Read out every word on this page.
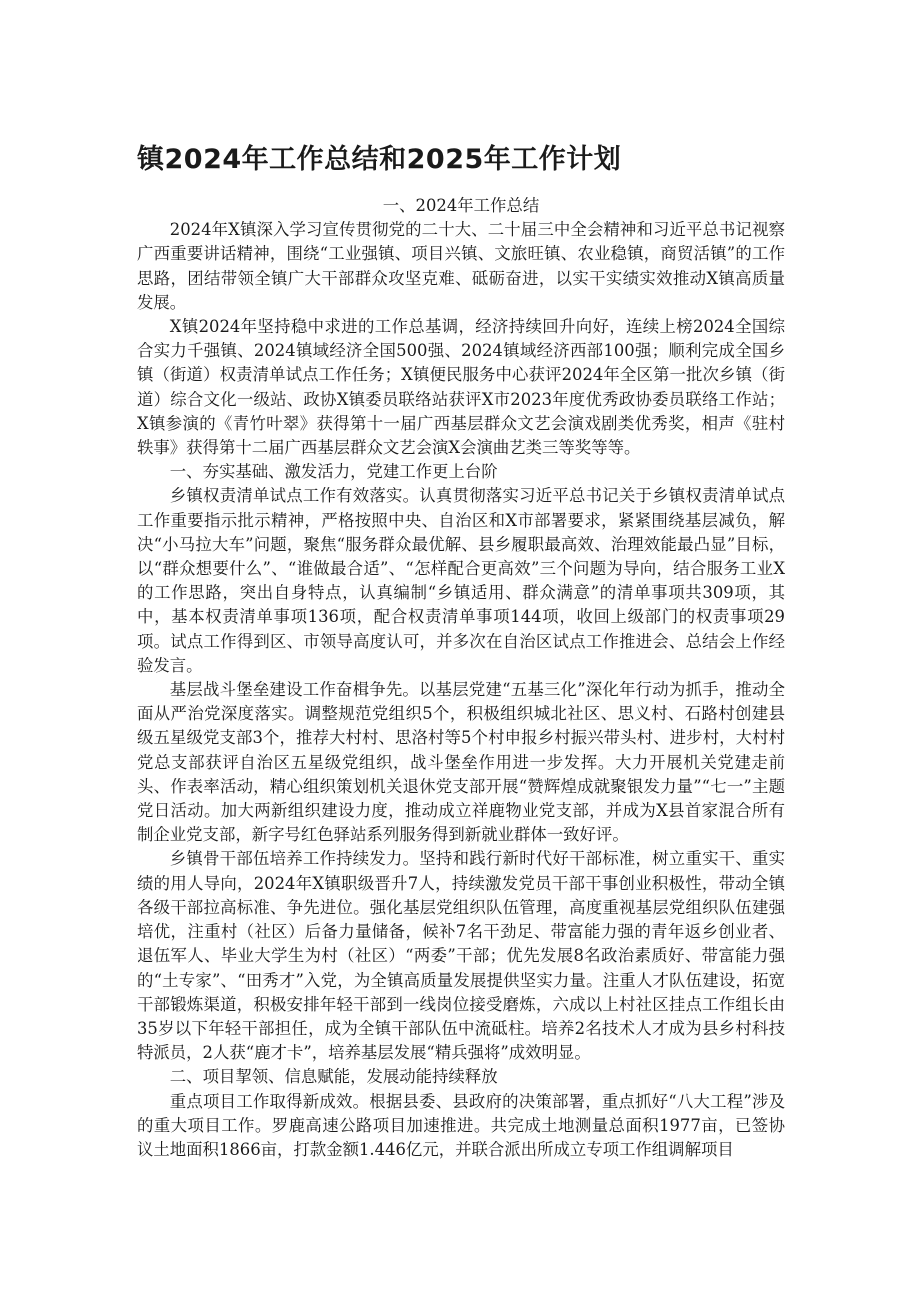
镇2024年工作总结和2025年工作计划
一、2024年工作总结

2024年X镇深入学习宣传贯彻党的二十大、二十届三中全会精神和习近平总书记视察广西重要讲话精神，围绕“工业强镇、项目兴镇、文旅旺镇、农业稳镇，商贸活镇”的工作思路，团结带领全镇广大干部群众攻坚克难、砥砺奋进，以实干实绩实效推动X镇高质量发展。

X镇2024年坚持稳中求进的工作总基调，经济持续回升向好，连续上榜2024全国综合实力千强镇、2024镇域经济全国500强、2024镇域经济西部100强；顺利完成全国乡镇（街道）权责清单试点工作任务；X镇便民服务中心获评2024年全区第一批次乡镇（街道）综合文化一级站、政协X镇委员联络站获评X市2023年度优秀政协委员联络工作站；X镇参演的《青竹叶翠》获得第十一届广西基层群众文艺会演戏剧类优秀奖，相声《驻村轶事》获得第十二届广西基层群众文艺会演X会演曲艺类三等奖等等。

一、夯实基础、激发活力，党建工作更上台阶

乡镇权责清单试点工作有效落实。认真贯彻落实习近平总书记关于乡镇权责清单试点工作重要指示批示精神，严格按照中央、自治区和X市部署要求，紧紧围绕基层减负，解决“小马拉大车”问题，聚焦“服务群众最优解、县乡履职最高效、治理效能最凸显”目标，以“群众想要什么”、“谁做最合适”、“怎样配合更高效”三个问题为导向，结合服务工业X的工作思路，突出自身特点，认真编制“乡镇适用、群众满意”的清单事项共309项，其中，基本权责清单事项136项，配合权责清单事项144项，收回上级部门的权责事项29项。试点工作得到区、市领导高度认可，并多次在自治区试点工作推进会、总结会上作经验发言。

基层战斗堡垒建设工作奋楫争先。以基层党建“五基三化”深化年行动为抓手，推动全面从严治党深度落实。调整规范党组织5个，积极组织城北社区、思义村、石路村创建县级五星级党支部3个，推荐大村村、思洛村等5个村申报乡村振兴带头村、进步村，大村村党总支部获评自治区五星级党组织，战斗堡垒作用进一步发挥。大力开展机关党建走前头、作表率活动，精心组织策划机关退休党支部开展“赞辉煌成就聚银发力量”“七一”主题党日活动。加大两新组织建设力度，推动成立祥鹿物业党支部，并成为X县首家混合所有制企业党支部，新字号红色驿站系列服务得到新就业群体一致好评。

乡镇骨干部伍培养工作持续发力。坚持和践行新时代好干部标准，树立重实干、重实绩的用人导向，2024年X镇职级晋升7人，持续激发党员干部干事创业积极性，带动全镇各级干部拉高标准、争先进位。强化基层党组织队伍管理，高度重视基层党组织队伍建强培优，注重村（社区）后备力量储备，候补7名干劲足、带富能力强的青年返乡创业者、退伍军人、毕业大学生为村（社区）“两委”干部；优先发展8名政治素质好、带富能力强的“土专家”、“田秀才”入党，为全镇高质量发展提供坚实力量。注重人才队伍建设，拓宽干部锻炼渠道，积极安排年轻干部到一线岗位接受磨炼，六成以上村社区挂点工作组长由35岁以下年轻干部担任，成为全镇干部队伍中流砥柱。培养2名技术人才成为县乡村科技特派员，2人获“鹿才卡”，培养基层发展“精兵强将”成效明显。

二、项目挈领、信息赋能，发展动能持续释放

重点项目工作取得新成效。根据县委、县政府的决策部署，重点抓好“八大工程”涉及的重大项目工作。罗鹿高速公路项目加速推进。共完成土地测量总面积1977亩，已签协议土地面积1866亩，打款金额1.446亿元，并联合派出所成立专项工作组调解项目
